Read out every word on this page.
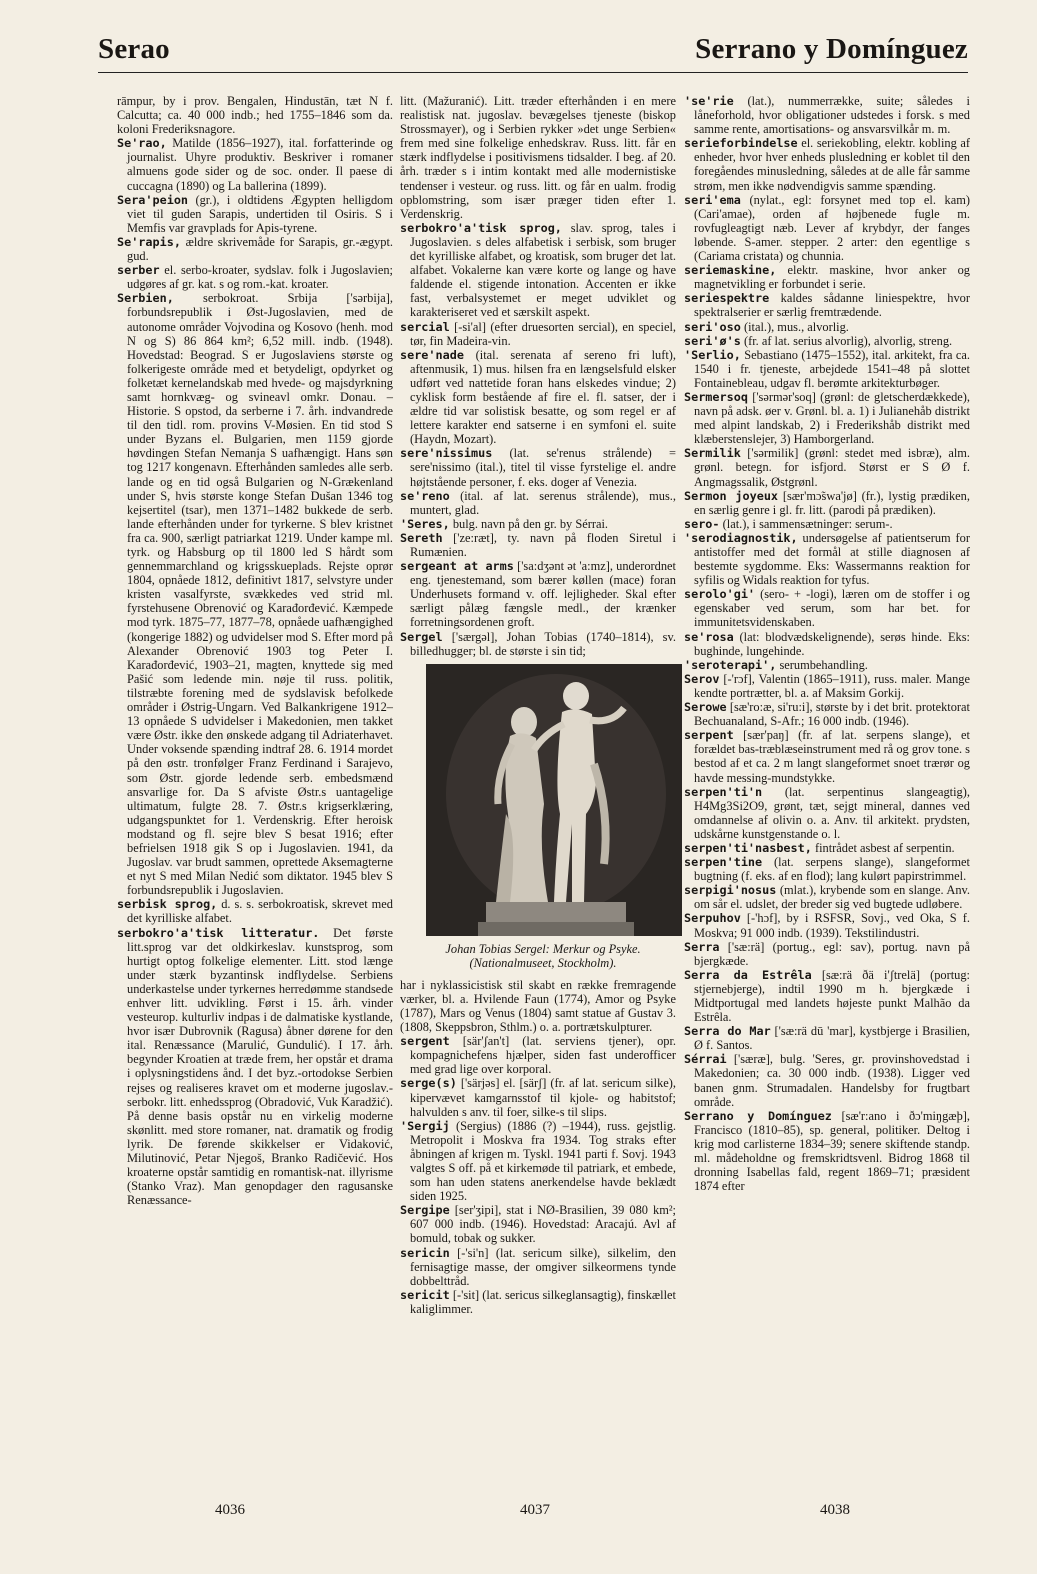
Serao	Serrano y Domínguez

rāmpur, by i prov. Bengalen, Hindustān, tæt N f. Calcutta; ca. 40 000 indb.; hed 1755–1846 som da. koloni Frederiksnagore.

Se'rao, Matilde (1856–1927), ital. forfatterinde og journalist. Uhyre produktiv. Beskriver i romaner almuens gode sider og de soc. onder. Il paese di cuccagna (1890) og La ballerina (1899).

Sera'peion (gr.), i oldtidens Ægypten helligdom viet til guden Sarapis, undertiden til Osiris. S i Memfis var gravplads for Apis-tyrene.

Se'rapis, ældre skrivemåde for Sarapis, gr.-ægypt. gud.

serber el. serbo-kroater, sydslav. folk i Jugoslavien; udgøres af gr. kat. s og rom.-kat. kroater.

Serbien, serbokroat. Srbija ['sərbija], forbundsrepublik i Øst-Jugoslavien, med de autonome områder Vojvodina og Kosovo (henh. mod N og S) 86 864 km²; 6,52 mill. indb. (1948). Hovedstad: Beograd. S er Jugoslaviens største og folkerigeste område med et betydeligt, opdyrket og folketæt kernelandskab med hvede- og majsdyrkning samt hornkvæg- og svineavl omkr. Donau. – Historie. S opstod, da serberne i 7. årh. indvandrede til den tidl. rom. provins V-Møsien. En tid stod S under Byzans el. Bulgarien, men 1159 gjorde høvdingen Stefan Nemanja S uafhængigt. Hans søn tog 1217 kongenavn. Efterhånden samledes alle serb. lande og en tid også Bulgarien og N-Grækenland under S, hvis største konge Stefan Dušan 1346 tog kejsertitel (tsar), men 1371–1482 bukkede de serb. lande efterhånden under for tyrkerne. S blev kristnet fra ca. 900, særligt patriarkat 1219. Under kampe ml. tyrk. og Habsburg op til 1800 led S hårdt som gennemmarchland og krigsskueplads. Rejste oprør 1804, opnåede 1812, definitivt 1817, selvstyre under kristen vasalfyrste, svækkedes ved strid ml. fyrstehusene Obrenović og Karađorđević. Kæmpede mod tyrk. 1875–77, 1877–78, opnåede uafhængighed (kongerige 1882) og udvidelser mod S. Efter mord på Alexander Obrenović 1903 tog Peter I. Karađorđević, 1903–21, magten, knyttede sig med Pašić som ledende min. nøje til russ. politik, tilstræbte forening med de sydslavisk befolkede områder i Østrig-Ungarn. Ved Balkankrigene 1912–13 opnåede S udvidelser i Makedonien, men takket være Østr. ikke den ønskede adgang til Adriaterhavet. Under voksende spænding indtraf 28. 6. 1914 mordet på den østr. tronfølger Franz Ferdinand i Sarajevo, som Østr. gjorde ledende serb. embedsmænd ansvarlige for. Da S afviste Østr.s uantagelige ultimatum, fulgte 28. 7. Østr.s krigserklæring, udgangspunktet for 1. Verdenskrig. Efter heroisk modstand og fl. sejre blev S besat 1916; efter befrielsen 1918 gik S op i Jugoslavien. 1941, da Jugoslav. var brudt sammen, oprettede Aksemagterne et nyt S med Milan Nedić som diktator. 1945 blev S forbundsrepublik i Jugoslavien.

serbisk sprog, d. s. s. serbokroatisk, skrevet med det kyrilliske alfabet.

serbokro'a'tisk litteratur. Det første litt.sprog var det oldkirkeslav. kunstsprog, som hurtigt optog folkelige elementer. Litt. stod længe under stærk byzantinsk indflydelse. Serbiens underkastelse under tyrkernes herredømme standsede enhver litt. udvikling. Først i 15. årh. vinder vesteurop. kulturliv indpas i de dalmatiske kystlande, hvor især Dubrovnik (Ragusa) åbner dørene for den ital. Renæssance (Marulić, Gundulić). I 17. årh. begynder Kroatien at træde frem, her opstår et drama i oplysningstidens ånd. I det byz.-ortodokse Serbien rejses og realiseres kravet om et moderne jugoslav.-serbokr. litt. enhedssprog (Obradović, Vuk Karadžić). På denne basis opstår nu en virkelig moderne skønlitt. med store romaner, nat. dramatik og frodig lyrik. De førende skikkelser er Vidaković, Milutinović, Petar Njegoš, Branko Radičević. Hos kroaterne opstår samtidig en romantisk-nat. illyrisme (Stanko Vraz). Man genopdager den ragusanske Renæssance-

litt. (Mažuranić). Litt. træder efterhånden i en mere realistisk nat. jugoslav. bevægelses tjeneste (biskop Strossmayer), og i Serbien rykker »det unge Serbien« frem med sine folkelige enhedskrav. Russ. litt. får en stærk indflydelse i positivismens tidsalder. I beg. af 20. årh. træder s i intim kontakt med alle modernistiske tendenser i vesteur. og russ. litt. og får en ualm. frodig opblomstring, som især præger tiden efter 1. Verdenskrig.

serbokro'a'tisk sprog, slav. sprog, tales i Jugoslavien. s deles alfabetisk i serbisk, som bruger det kyrilliske alfabet, og kroatisk, som bruger det lat. alfabet. Vokalerne kan være korte og lange og have faldende el. stigende intonation. Accenten er ikke fast, verbalsystemet er meget udviklet og karakteriseret ved et særskilt aspekt.

sercial [-si'al] (efter druesorten sercial), en speciel, tør, fin Madeira-vin.

sere'nade (ital. serenata af sereno fri luft), aftenmusik, 1) mus. hilsen fra en længselsfuld elsker udført ved nattetide foran hans elskedes vindue; 2) cyklisk form bestående af fire el. fl. satser, der i ældre tid var solistisk besatte, og som regel er af lettere karakter end satserne i en symfoni el. suite (Haydn, Mozart).

sere'nissimus (lat. se'renus strålende) = sere'nissimo (ital.), titel til visse fyrstelige el. andre højtstående personer, f. eks. doger af Venezia.

se'reno (ital. af lat. serenus strålende), mus., muntert, glad.

'Seres, bulg. navn på den gr. by Sérrai.

Sereth ['ze:ræt], ty. navn på floden Siretul i Rumænien.

sergeant at arms ['sa:dʒənt ət 'a:mz], underordnet eng. tjenestemand, som bærer køllen (mace) foran Underhusets formand v. off. lejligheder. Skal efter særligt pålæg fængsle medl., der krænker forretningsordenen groft.

Sergel ['særgəl], Johan Tobias (1740–1814), sv. billedhugger; bl. de største i sin tid;

Johan Tobias Sergel: Merkur og Psyke. (Nationalmuseet, Stockholm).

har i nyklassicistisk stil skabt en række fremragende værker, bl. a. Hvilende Faun (1774), Amor og Psyke (1787), Mars og Venus (1804) samt statue af Gustav 3. (1808, Skeppsbron, Sthlm.) o. a. portrætskulpturer.

sergent [sär'ʃan't] (lat. serviens tjener), opr. kompagnichefens hjælper, siden fast underofficer med grad lige over korporal.

serge(s) ['särjəs] el. [särʃ] (fr. af lat. sericum silke), kipervævet kamgarnsstof til kjole- og habitstof; halvulden s anv. til foer, silke-s til slips.

'Sergij (Sergius) (1886 (?) –1944), russ. gejstlig. Metropolit i Moskva fra 1934. Tog straks efter åbningen af krigen m. Tyskl. 1941 parti f. Sovj. 1943 valgtes S off. på et kirkemøde til patriark, et embede, som han uden statens anerkendelse havde beklædt siden 1925.

Sergipe [ser'ʒipi], stat i NØ-Brasilien, 39 080 km²; 607 000 indb. (1946). Hovedstad: Aracajú. Avl af bomuld, tobak og sukker.

sericin [-'si'n] (lat. sericum silke), silkelim, den fernisagtige masse, der omgiver silkeormens tynde dobbelttråd.

sericit [-'sit] (lat. sericus silkeglansagtig), finskællet kaliglimmer.

'se'rie (lat.), nummerrække, suite; således i låneforhold, hvor obligationer udstedes i forsk. s med samme rente, amortisations- og ansvarsvilkår m. m.

serieforbindelse el. seriekobling, elektr. kobling af enheder, hvor hver enheds plusledning er koblet til den foregåendes minusledning, således at de alle får samme strøm, men ikke nødvendigvis samme spænding.

seri'ema (nylat., egl: forsynet med top el. kam) (Cari'amae), orden af højbenede fugle m. rovfugleagtigt næb. Lever af krybdyr, der fanges løbende. S-amer. stepper. 2 arter: den egentlige s (Cariama cristata) og chunnia.

seriemaskine, elektr. maskine, hvor anker og magnetvikling er forbundet i serie.

seriespektre kaldes sådanne liniespektre, hvor spektralserier er særlig fremtrædende.

seri'oso (ital.), mus., alvorlig.

seri'ø's (fr. af lat. serius alvorlig), alvorlig, streng.

'Serlio, Sebastiano (1475–1552), ital. arkitekt, fra ca. 1540 i fr. tjeneste, arbejdede 1541–48 på slottet Fontainebleau, udgav fl. berømte arkitekturbøger.

Sermersoq ['sərmər'soq] (grønl: de gletscherdækkede), navn på adsk. øer v. Grønl. bl. a. 1) i Julianehåb distrikt med alpint landskab, 2) i Frederikshåb distrikt med klæberstenslejer, 3) Hamborgerland.

Sermilik ['sərmilik] (grønl: stedet med isbræ), alm. grønl. betegn. for isfjord. Størst er S Ø f. Angmagssalik, Østgrønl.

Sermon joyeux [sær'mɔ̃swa'jø] (fr.), lystig prædiken, en særlig genre i gl. fr. litt. (parodi på prædiken).

sero- (lat.), i sammensætninger: serum-.

'serodiagnostik, undersøgelse af patientserum for antistoffer med det formål at stille diagnosen af bestemte sygdomme. Eks: Wassermanns reaktion for syfilis og Widals reaktion for tyfus.

serolo'gi' (sero- + -logi), læren om de stoffer i og egenskaber ved serum, som har bet. for immunitetsvidenskaben.

se'rosa (lat: blodvædskelignende), serøs hinde. Eks: bughinde, lungehinde.

'seroterapi', serumbehandling.

Serov [-'rɔf], Valentin (1865–1911), russ. maler. Mange kendte portrætter, bl. a. af Maksim Gorkij.

Serowe [sæ'ro:æ, si'ru:i], største by i det brit. protektorat Bechuanaland, S-Afr.; 16 000 indb. (1946).

serpent [sær'paŋ] (fr. af lat. serpens slange), et forældet bas-træblæseinstrument med rå og grov tone. s bestod af et ca. 2 m langt slangeformet snoet trærør og havde messing-mundstykke.

serpen'ti'n (lat. serpentinus slangeagtig), H4Mg3Si2O9, grønt, tæt, sejgt mineral, dannes ved omdannelse af olivin o. a. Anv. til arkitekt. prydsten, udskårne kunstgenstande o. l.

serpen'ti'nasbest, fintrådet asbest af serpentin.

serpen'tine (lat. serpens slange), slangeformet bugtning (f. eks. af en flod); lang kulørt papirstrimmel.

serpigi'nosus (mlat.), krybende som en slange. Anv. om sår el. udslet, der breder sig ved bugtede udløbere.

Serpuhov [-'hɔf], by i RSFSR, Sovj., ved Oka, S f. Moskva; 91 000 indb. (1939). Tekstilindustri.

Serra ['sæ:rä] (portug., egl: sav), portug. navn på bjergkæde.

Serra da Estrêla [sæ:rä ðä i'ʃtrelä] (portug: stjernebjerge), indtil 1990 m h. bjergkæde i Midtportugal med landets højeste punkt Malhão da Estrêla.

Serra do Mar ['sæ:rä dū 'mar], kystbjerge i Brasilien, Ø f. Santos.

Sérrai ['særæ], bulg. 'Seres, gr. provinshovedstad i Makedonien; ca. 30 000 indb. (1938). Ligger ved banen gnm. Strumadalen. Handelsby for frugtbart område.

Serrano y Domínguez [sæ'r:ano i ðɔ'miŋgæþ], Francisco (1810–85), sp. general, politiker. Deltog i krig mod carlisterne 1834–39; senere skiftende standp. ml. mådeholdne og fremskridtsvenl. Bidrog 1868 til dronning Isabellas fald, regent 1869–71; præsident 1874 efter

4036	4037	4038
